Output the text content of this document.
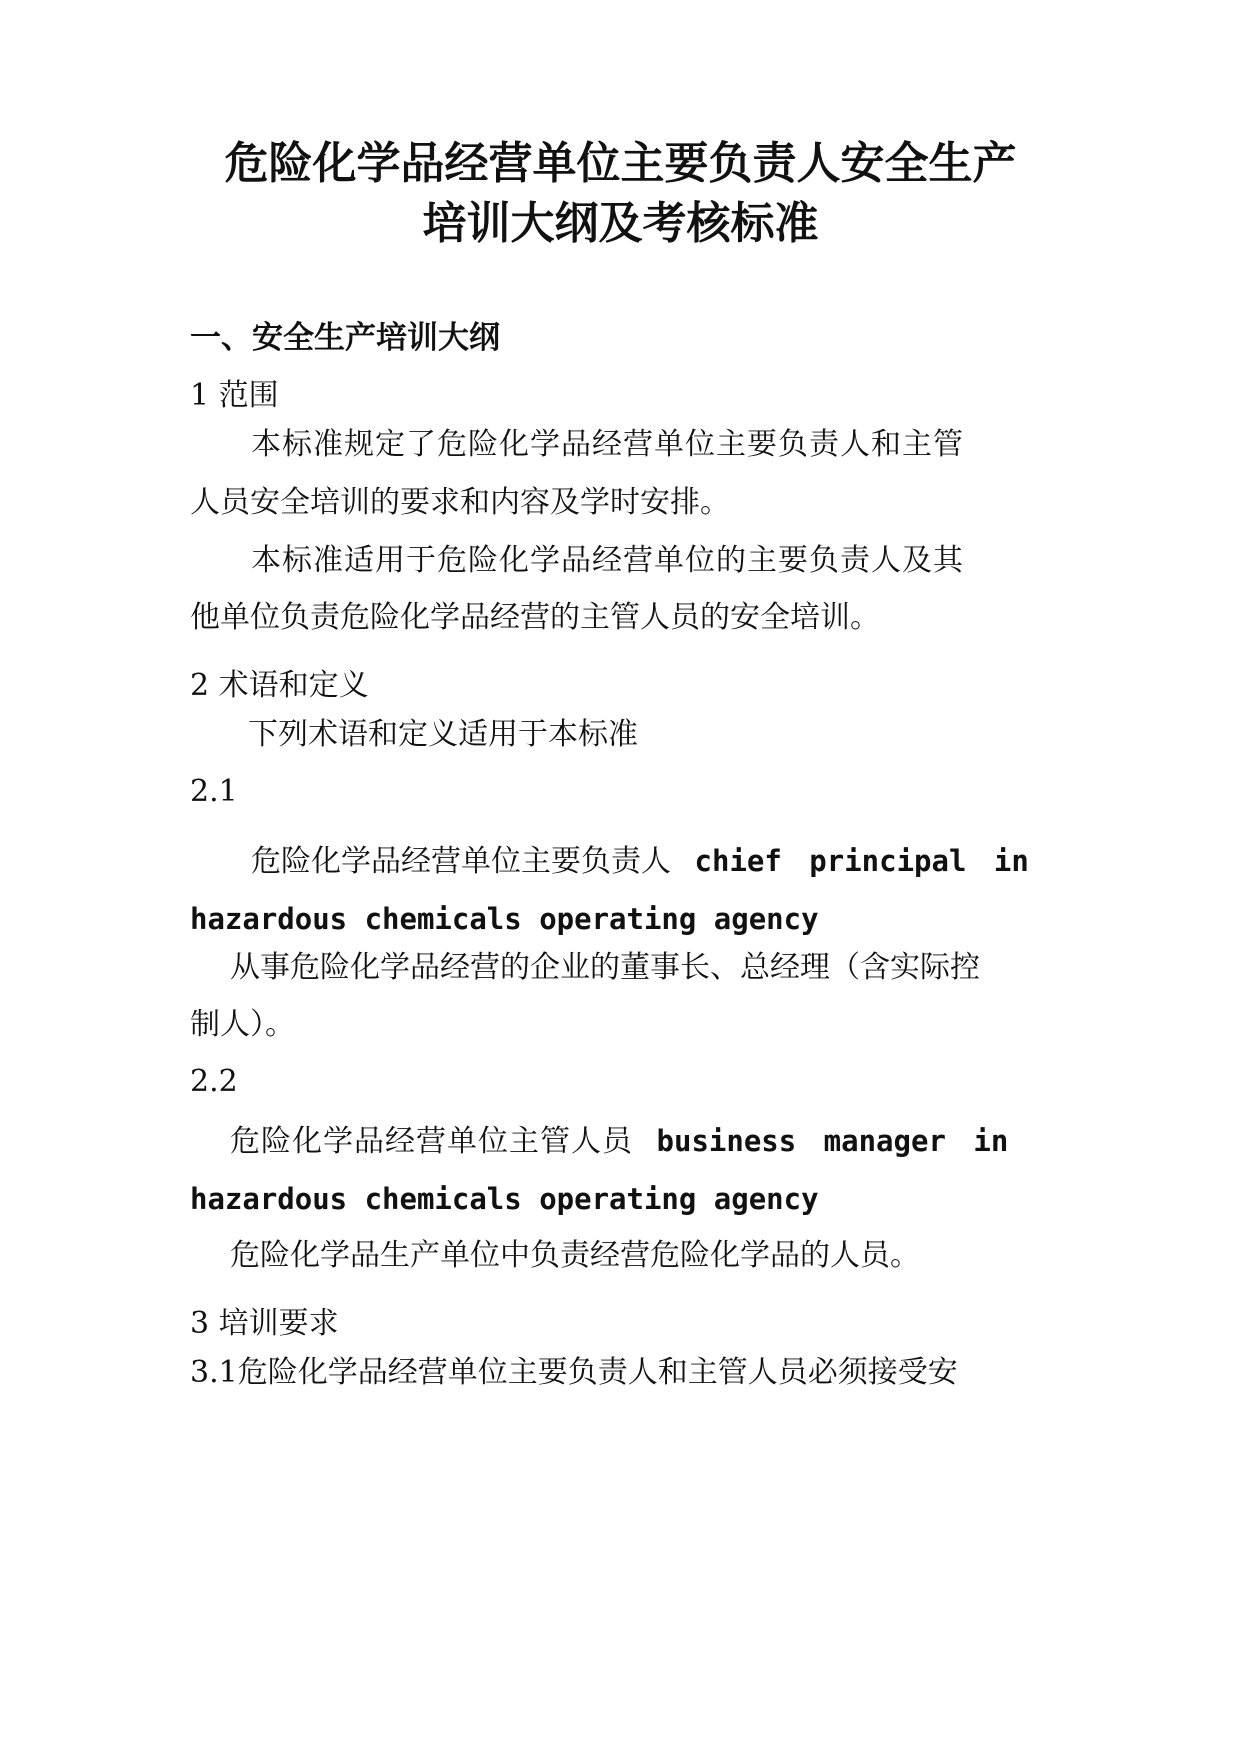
危险化学品经营单位主要负责人安全生产
培训大纲及考核标准
一、安全生产培训大纲
1 范围
本标准规定了危险化学品经营单位主要负责人和主管
人员安全培训的要求和内容及学时安排。
本标准适用于危险化学品经营单位的主要负责人及其
他单位负责危险化学品经营的主管人员的安全培训。
2 术语和定义
下列术语和定义适用于本标准
2.1
危险化学品经营单位主要负责人 chief principal in
hazardous chemicals operating agency
从事危险化学品经营的企业的董事长、总经理（含实际控
制人）。
2.2
危险化学品经营单位主管人员 business manager in
hazardous chemicals operating agency
危险化学品生产单位中负责经营危险化学品的人员。
3 培训要求
3.1危险化学品经营单位主要负责人和主管人员必须接受安
